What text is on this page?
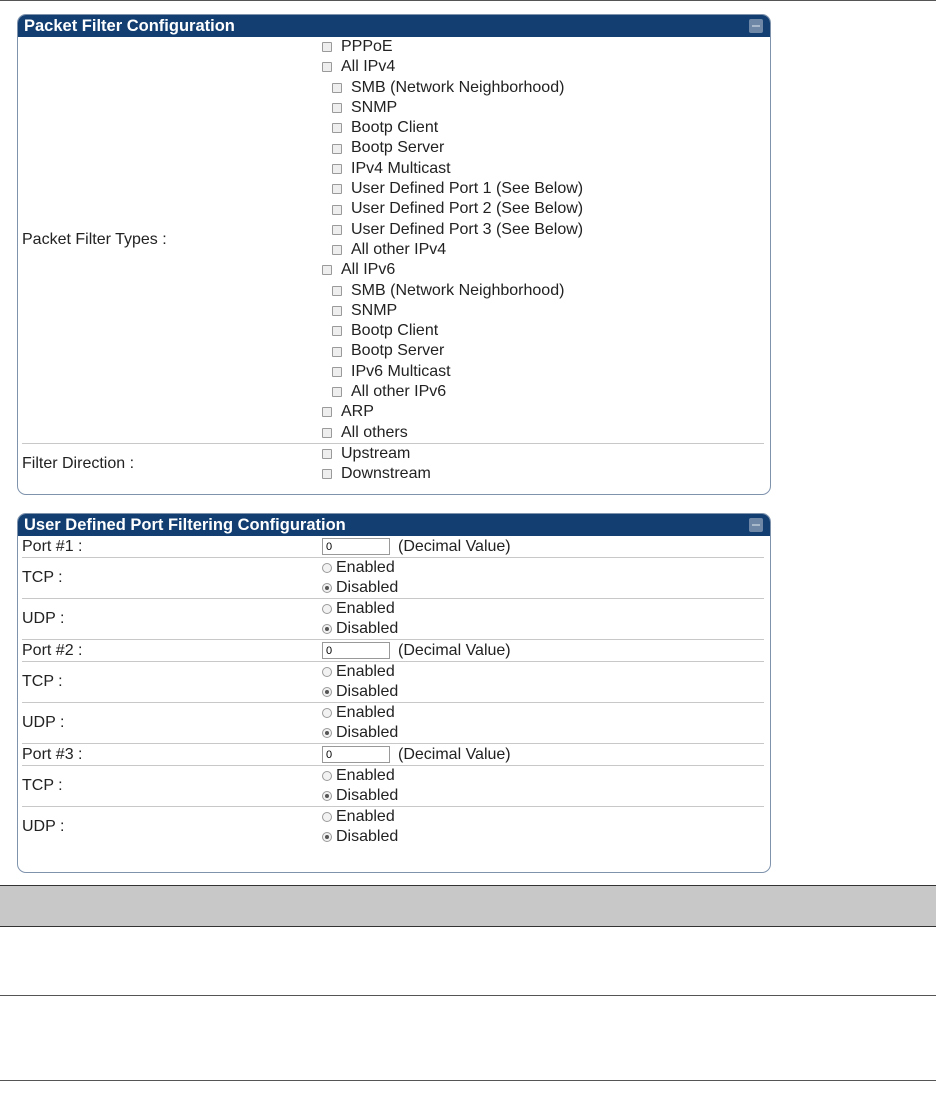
Packet Filter Configuration
Packet Filter Types :
PPPoE
All IPv4
SMB (Network Neighborhood)
SNMP
Bootp Client
Bootp Server
IPv4 Multicast
User Defined Port 1 (See Below)
User Defined Port 2 (See Below)
User Defined Port 3 (See Below)
All other IPv4
All IPv6
SMB (Network Neighborhood)
SNMP
Bootp Client
Bootp Server
IPv6 Multicast
All other IPv6
ARP
All others
Filter Direction :
Upstream
Downstream
User Defined Port Filtering Configuration
Port #1 :
0	(Decimal Value)
TCP :
Enabled
Disabled
UDP :
Enabled
Disabled
Port #2 :
0	(Decimal Value)
TCP :
Enabled
Disabled
UDP :
Enabled
Disabled
Port #3 :
0	(Decimal Value)
TCP :
Enabled
Disabled
UDP :
Enabled
Disabled
